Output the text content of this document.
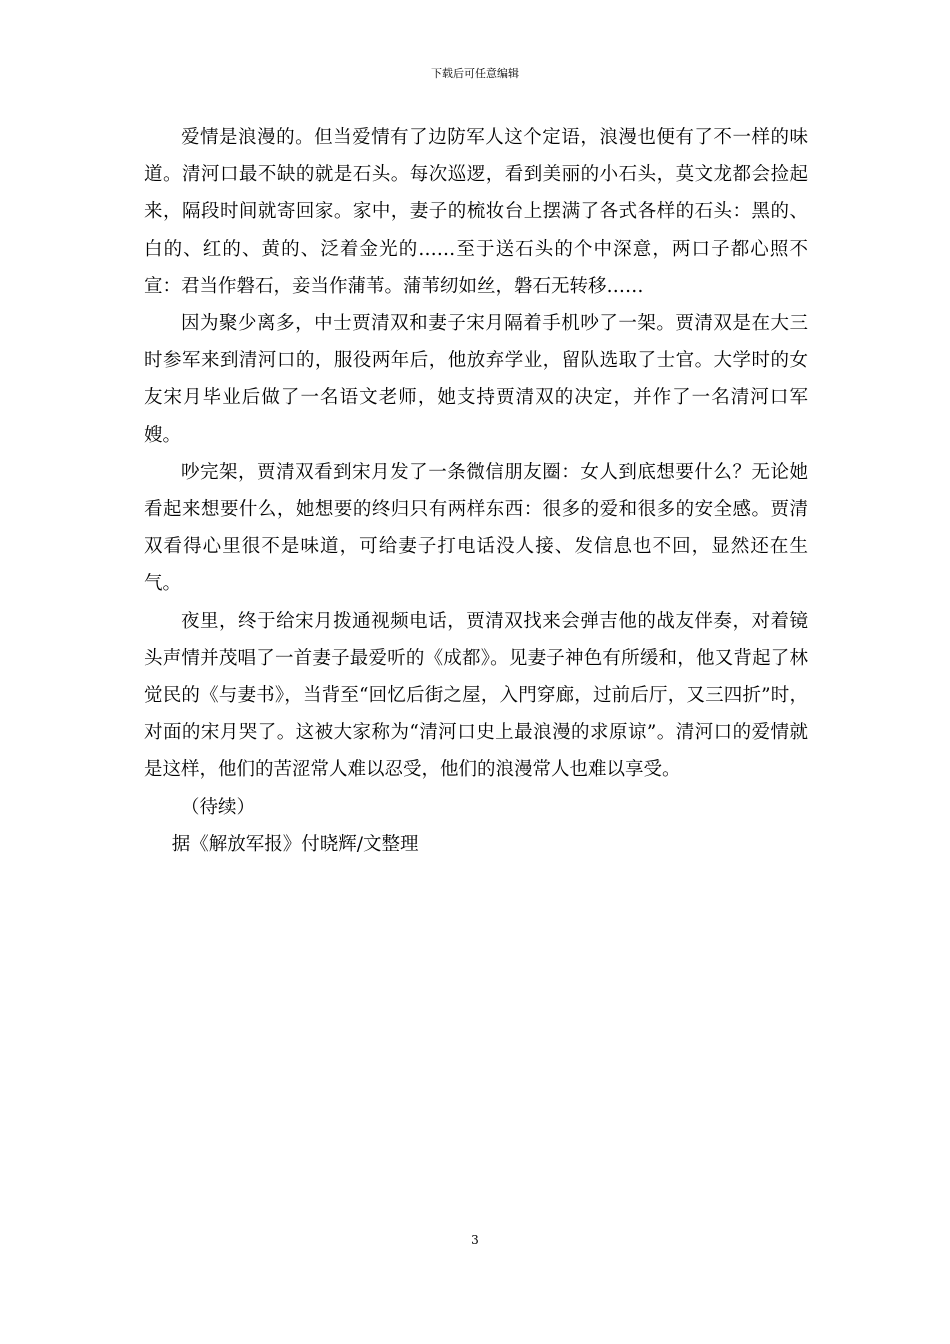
下载后可任意编辑

爱情是浪漫的。但当爱情有了边防军人这个定语，浪漫也便有了不一样的味道。清河口最不缺的就是石头。每次巡逻，看到美丽的小石头，莫文龙都会捡起来，隔段时间就寄回家。家中，妻子的梳妆台上摆满了各式各样的石头：黑的、白的、红的、黄的、泛着金光的……至于送石头的个中深意，两口子都心照不宣：君当作磐石，妾当作蒲苇。蒲苇纫如丝，磐石无转移……

因为聚少离多，中士贾清双和妻子宋月隔着手机吵了一架。贾清双是在大三时参军来到清河口的，服役两年后，他放弃学业，留队选取了士官。大学时的女友宋月毕业后做了一名语文老师，她支持贾清双的决定，并作了一名清河口军嫂。

吵完架，贾清双看到宋月发了一条微信朋友圈：女人到底想要什么？无论她看起来想要什么，她想要的终归只有两样东西：很多的爱和很多的安全感。贾清双看得心里很不是味道，可给妻子打电话没人接、发信息也不回，显然还在生气。

夜里，终于给宋月拨通视频电话，贾清双找来会弹吉他的战友伴奏，对着镜头声情并茂唱了一首妻子最爱听的《成都》。见妻子神色有所缓和，他又背起了林觉民的《与妻书》，当背至“回忆后街之屋，入門穿廊，过前后厅，又三四折”时，对面的宋月哭了。这被大家称为“清河口史上最浪漫的求原谅”。清河口的爱情就是这样，他们的苦涩常人难以忍受，他们的浪漫常人也难以享受。

（待续）

据《解放军报》付晓辉/文整理

3
